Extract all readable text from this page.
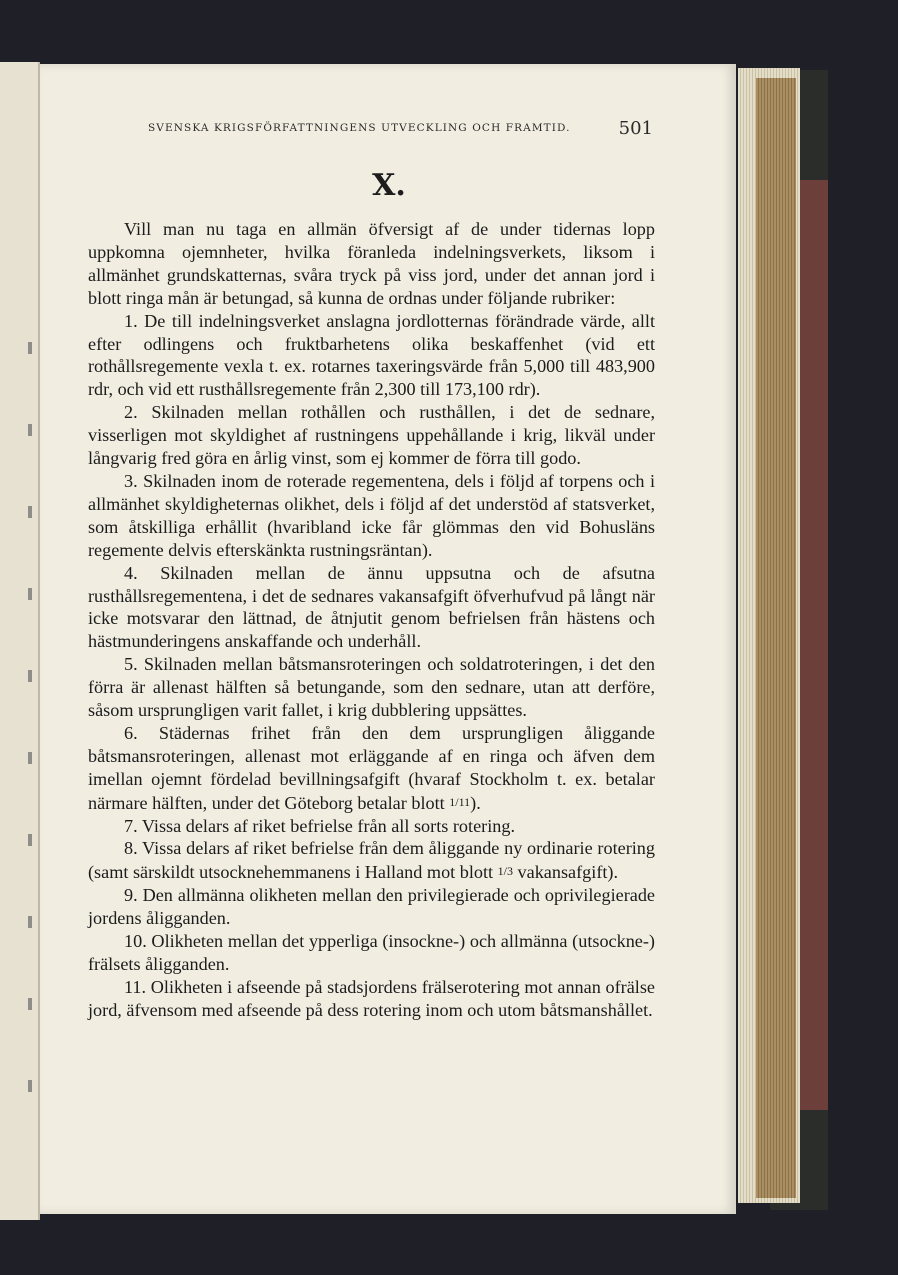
SVENSKA KRIGSFÖRFATTNINGENS UTVECKLING OCH FRAMTID.	501
X.

Vill man nu taga en allmän öfversigt af de under tidernas lopp uppkomna ojemnheter, hvilka föranleda indelningsverkets, liksom i allmänhet grundskatternas, svåra tryck på viss jord, under det annan jord i blott ringa mån är betungad, så kunna de ordnas under följande rubriker:

1. De till indelningsverket anslagna jordlotternas förändrade värde, allt efter odlingens och fruktbarhetens olika beskaffenhet (vid ett rothållsregemente vexla t. ex. rotarnes taxeringsvärde från 5,000 till 483,900 rdr, och vid ett rusthållsregemente från 2,300 till 173,100 rdr).

2. Skilnaden mellan rothållen och rusthållen, i det de sednare, visserligen mot skyldighet af rustningens uppehållande i krig, likväl under långvarig fred göra en årlig vinst, som ej kommer de förra till godo.

3. Skilnaden inom de roterade regementena, dels i följd af torpens och i allmänhet skyldigheternas olikhet, dels i följd af det understöd af statsverket, som åtskilliga erhållit (hvaribland icke får glömmas den vid Bohusläns regemente delvis efterskänkta rustningsräntan).

4. Skilnaden mellan de ännu uppsutna och de afsutna rusthållsregementena, i det de sednares vakansafgift öfverhufvud på långt när icke motsvarar den lättnad, de åtnjutit genom befrielsen från hästens och hästmunderingens anskaffande och underhåll.

5. Skilnaden mellan båtsmansroteringen och soldatroteringen, i det den förra är allenast hälften så betungande, som den sednare, utan att derföre, såsom ursprungligen varit fallet, i krig dubblering uppsättes.

6. Städernas frihet från den dem ursprungligen åliggande båtsmansroteringen, allenast mot erläggande af en ringa och äfven dem imellan ojemnt fördelad bevillningsafgift (hvaraf Stockholm t. ex. betalar närmare hälften, under det Göteborg betalar blott 1/11).

7. Vissa delars af riket befrielse från all sorts rotering.

8. Vissa delars af riket befrielse från dem åliggande ny ordinarie rotering (samt särskildt utsocknehemmanens i Halland mot blott 1/3 vakansafgift).

9. Den allmänna olikheten mellan den privilegierade och oprivilegierade jordens åligganden.

10. Olikheten mellan det ypperliga (insockne-) och allmänna (utsockne-) frälsets åligganden.

11. Olikheten i afseende på stadsjordens frälserotering mot annan ofrälse jord, äfvensom med afseende på dess rotering inom och utom båtsmanshållet.
